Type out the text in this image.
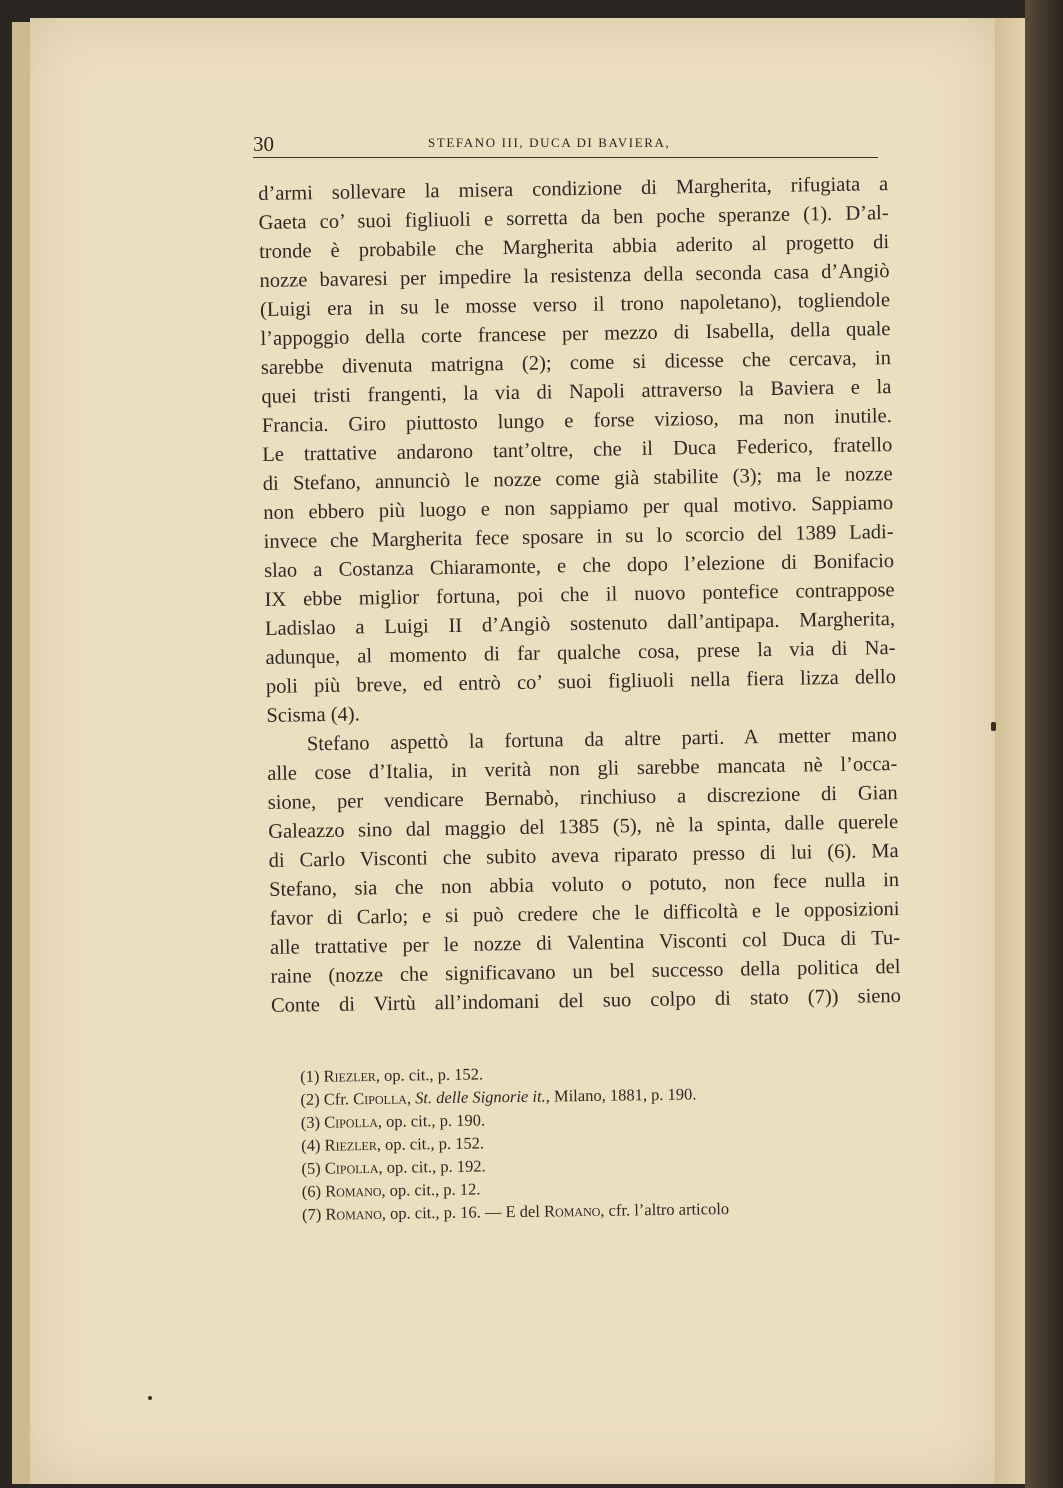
30	STEFANO III, DUCA DI BAVIERA,
d’armi sollevare la misera condizione di Margherita, rifugiata a
Gaeta co’ suoi figliuoli e sorretta da ben poche speranze (1). D’al-
tronde è probabile che Margherita abbia aderito al progetto di
nozze bavaresi per impedire la resistenza della seconda casa d’Angiò
(Luigi era in su le mosse verso il trono napoletano), togliendole
l’appoggio della corte francese per mezzo di Isabella, della quale
sarebbe divenuta matrigna (2); come si dicesse che cercava, in
quei tristi frangenti, la via di Napoli attraverso la Baviera e la
Francia. Giro piuttosto lungo e forse vizioso, ma non inutile.
Le trattative andarono tant’oltre, che il Duca Federico, fratello
di Stefano, annunciò le nozze come già stabilite (3); ma le nozze
non ebbero più luogo e non sappiamo per qual motivo. Sappiamo
invece che Margherita fece sposare in su lo scorcio del 1389 Ladi-
slao a Costanza Chiaramonte, e che dopo l’elezione di Bonifacio
IX ebbe miglior fortuna, poi che il nuovo pontefice contrappose
Ladislao a Luigi II d’Angiò sostenuto dall’antipapa. Margherita,
adunque, al momento di far qualche cosa, prese la via di Na-
poli più breve, ed entrò co’ suoi figliuoli nella fiera lizza dello
Scisma (4).
Stefano aspettò la fortuna da altre parti. A metter mano
alle cose d’Italia, in verità non gli sarebbe mancata nè l’occa-
sione, per vendicare Bernabò, rinchiuso a discrezione di Gian
Galeazzo sino dal maggio del 1385 (5), nè la spinta, dalle querele
di Carlo Visconti che subito aveva riparato presso di lui (6). Ma
Stefano, sia che non abbia voluto o potuto, non fece nulla in
favor di Carlo; e si può credere che le difficoltà e le opposizioni
alle trattative per le nozze di Valentina Visconti col Duca di Tu-
raine (nozze che significavano un bel successo della politica del
Conte di Virtù all’indomani del suo colpo di stato (7)) sieno
(1) Riezler, op. cit., p. 152.
(2) Cfr. Cipolla, St. delle Signorie it., Milano, 1881, p. 190.
(3) Cipolla, op. cit., p. 190.
(4) Riezler, op. cit., p. 152.
(5) Cipolla, op. cit., p. 192.
(6) Romano, op. cit., p. 12.
(7) Romano, op. cit., p. 16. — E del Romano, cfr. l’altro articolo
